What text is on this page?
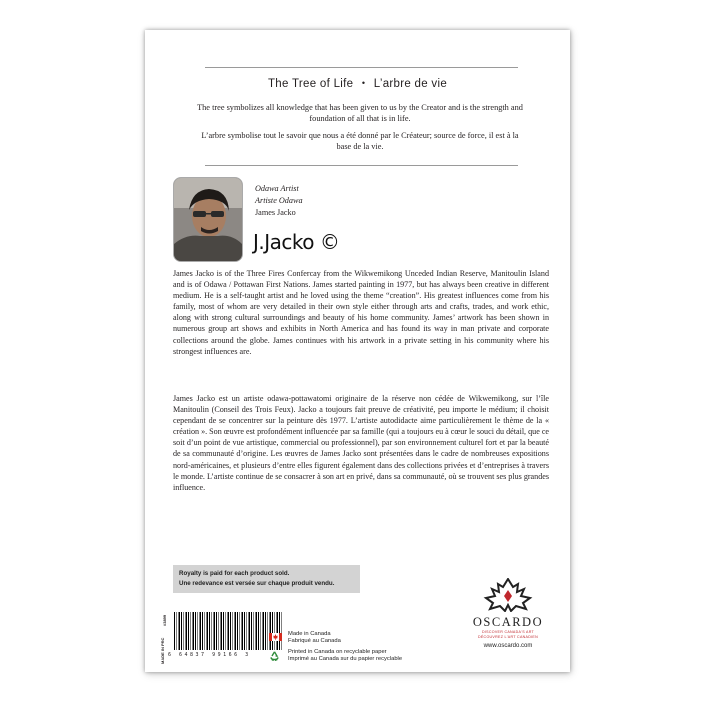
The Tree of Life • L’arbre de vie
The tree symbolizes all knowledge that has been given to us by the Creator and is the strength and foundation of all that is in life.
L’arbre symbolise tout le savoir que nous a été donné par le Créateur; source de force, il est à la base de la vie.
Odawa Artist
Artiste Odawa
James Jacko
J.Jacko ©

James Jacko is of the Three Fires Confercay from the Wikwemikong Unceded Indian Reserve, Manitoulin Island and is of Odawa / Pottawan First Nations. James started painting in 1977, but has always been creative in different medium. He is a self-taught artist and he loved using the theme “creation”. His greatest influences come from his family, most of whom are very detailed in their own style either through arts and crafts, trades, and work ethic, along with strong cultural surroundings and beauty of his home community. James’ artwork has been shown in numerous group art shows and exhibits in North America and has found its way in man private and corporate collections around the globe. James continues with his artwork in a private setting in his community where his strongest influences are.

James Jacko est un artiste odawa-pottawatomi originaire de la réserve non cédée de Wikwemikong, sur l’île Manitoulin (Conseil des Trois Feux). Jacko a toujours fait preuve de créativité, peu importe le médium; il choisit cependant de se concentrer sur la peinture dès 1977. L’artiste autodidacte aime particulièrement le thème de la « création ». Son œuvre est profondément influencée par sa famille (qui a toujours eu à cœur le souci du détail, que ce soit d’un point de vue artistique, commercial ou professionnel), par son environnement culturel fort et par la beauté de sa communauté d’origine. Les œuvres de James Jacko sont présentées dans le cadre de nombreuses expositions nord-américaines, et plusieurs d’entre elles figurent également dans des collections privées et d’entreprises à travers le monde. L’artiste continue de se consacrer à son art en privé, dans sa communauté, où se trouvent ses plus grandes influence.

Royalty is paid for each product sold.
Une redevance est versée sur chaque produit vendu.
#3899
MADE IN PRC 6 64837 99166 3
Made in Canada
Fabriqué au Canada
Printed in Canada on recyclable paper
Imprimé au Canada sur du papier recyclable
OSCARDO
DISCOVER CANADA'S ART
DÉCOUVREZ L'ART CANADIEN
www.oscardo.com
